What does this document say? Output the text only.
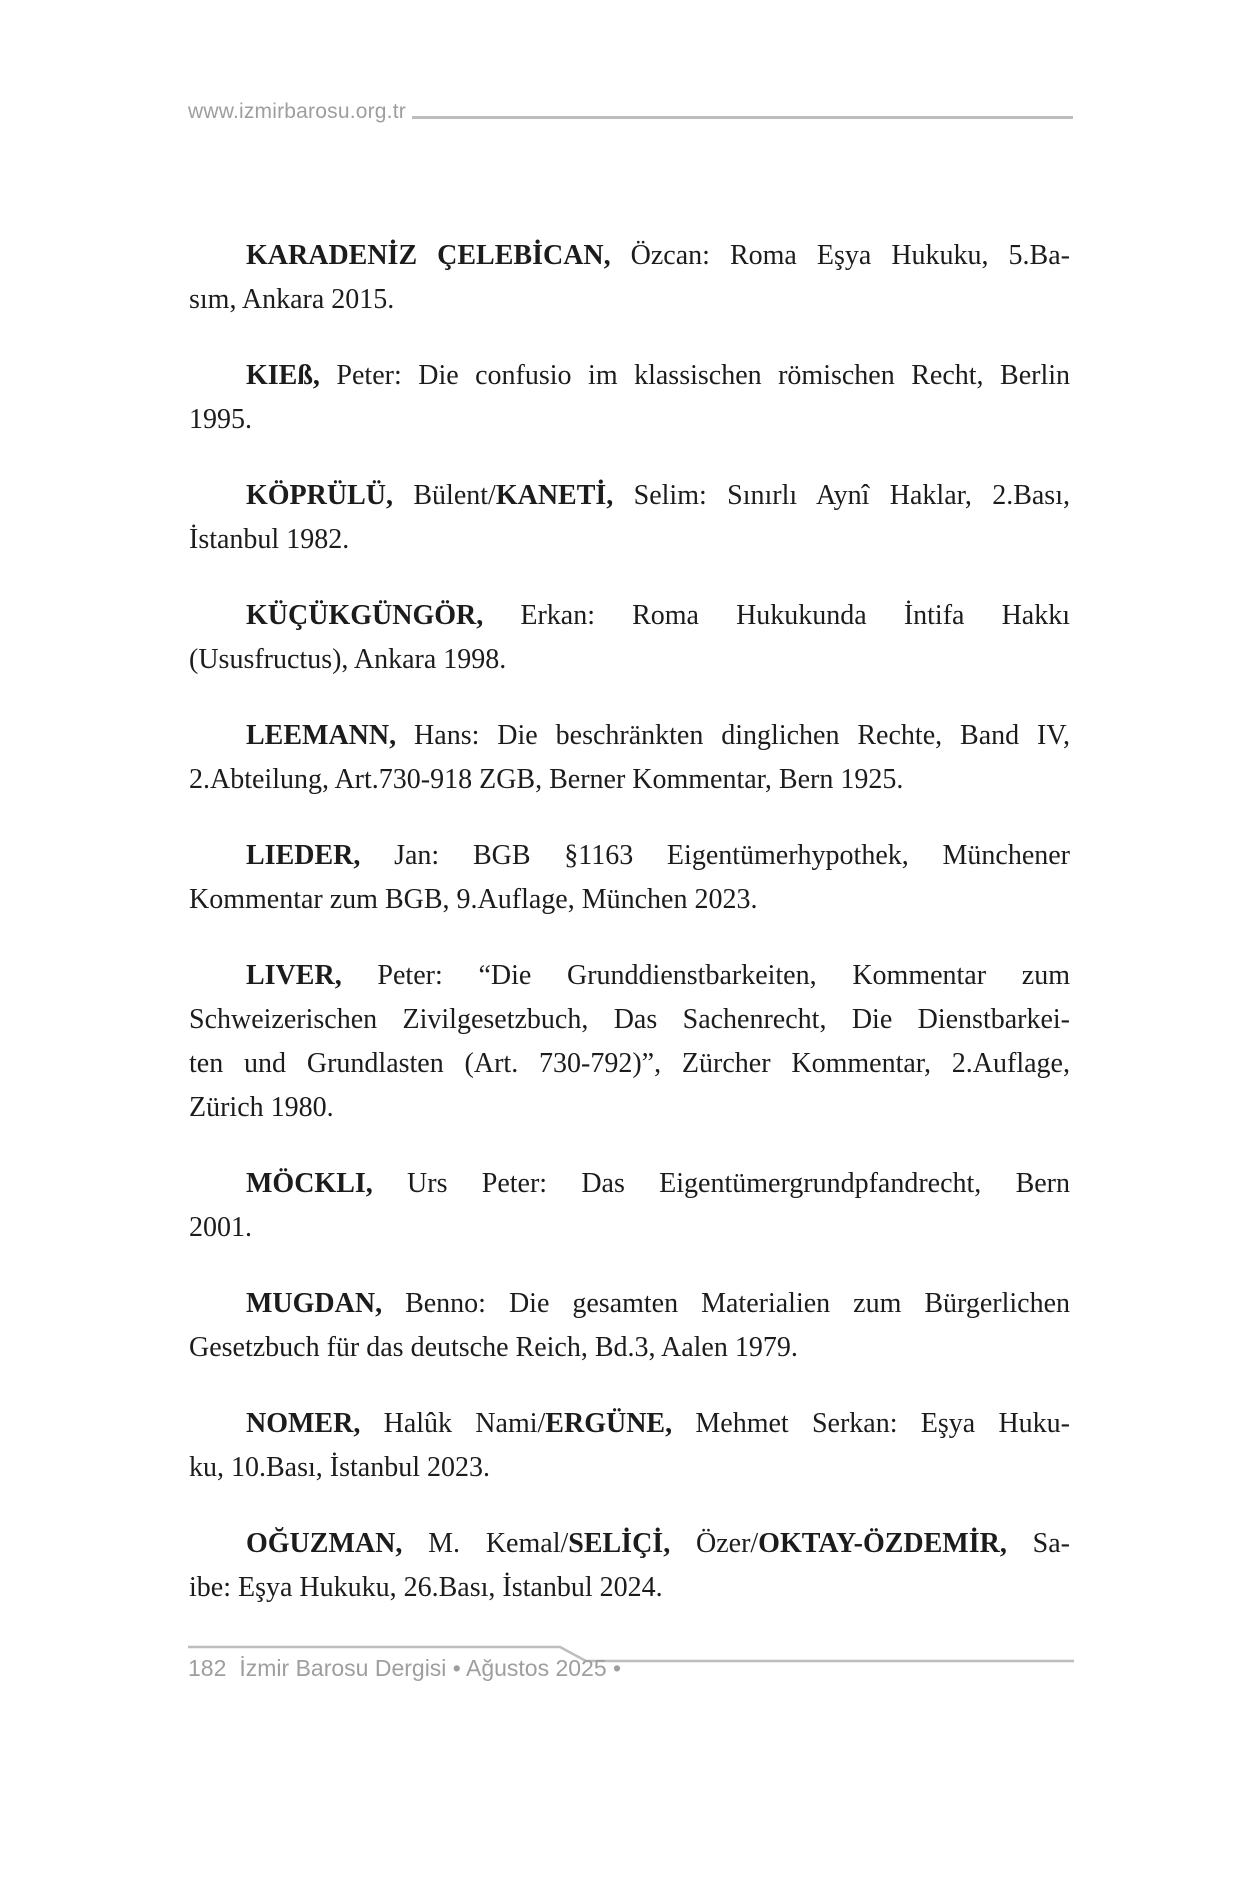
www.izmirbarosu.org.tr
KARADENİZ ÇELEBİCAN, Özcan: Roma Eşya Hukuku, 5.Ba-
sım, Ankara 2015.
KIEß, Peter: Die confusio im klassischen römischen Recht, Berlin
1995.
KÖPRÜLÜ, Bülent/KANETİ, Selim: Sınırlı Aynî Haklar, 2.Bası,
İstanbul 1982.
KÜÇÜKGÜNGÖR, Erkan: Roma Hukukunda İntifa Hakkı
(Ususfructus), Ankara 1998.
LEEMANN, Hans: Die beschränkten dinglichen Rechte, Band IV,
2.Abteilung, Art.730-918 ZGB, Berner Kommentar, Bern 1925.
LIEDER, Jan: BGB §1163 Eigentümerhypothek, Münchener
Kommentar zum BGB, 9.Auflage, München 2023.
LIVER, Peter: “Die Grunddienstbarkeiten, Kommentar zum
Schweizerischen Zivilgesetzbuch, Das Sachenrecht, Die Dienstbarkei-
ten und Grundlasten (Art. 730-792)”, Zürcher Kommentar, 2.Auflage,
Zürich 1980.
MÖCKLI, Urs Peter: Das Eigentümergrundpfandrecht, Bern
2001.
MUGDAN, Benno: Die gesamten Materialien zum Bürgerlichen
Gesetzbuch für das deutsche Reich, Bd.3, Aalen 1979.
NOMER, Halûk Nami/ERGÜNE, Mehmet Serkan: Eşya Huku-
ku, 10.Bası, İstanbul 2023.
OĞUZMAN, M. Kemal/SELİÇİ, Özer/OKTAY-ÖZDEMİR, Sa-
ibe: Eşya Hukuku, 26.Bası, İstanbul 2024.
182 İzmir Barosu Dergisi • Ağustos 2025 •
